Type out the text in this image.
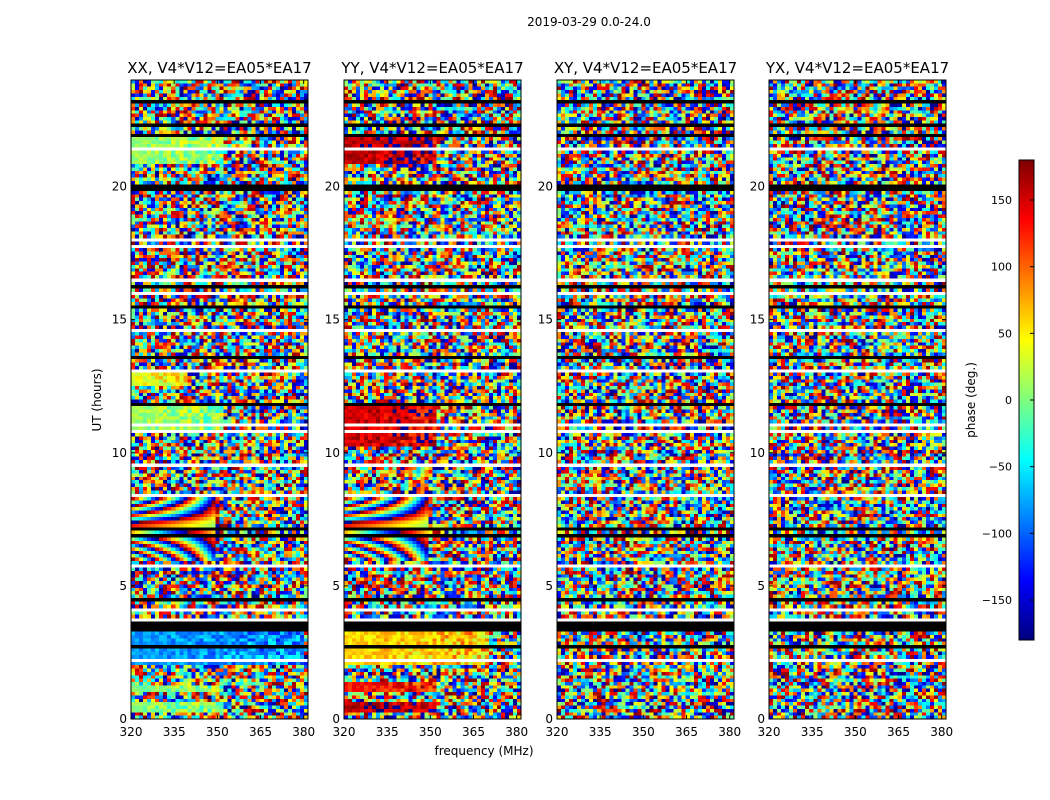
2019-03-29 0.0-24.0
XX, V4*V12=EA05*EA17
320 335 350 365 380
0
5
10
15
20
YY, V4*V12=EA05*EA17
320 335 350 365 380
0
5
10
15
20
XY, V4*V12=EA05*EA17
320 335 350 365 380
0
5
10
15
20
YX, V4*V12=EA05*EA17
320 335 350 365 380
0
5
10
15
20
frequency (MHz)
UT (hours)
150
100
50
0
−50
−100
−150
phase (deg.)
